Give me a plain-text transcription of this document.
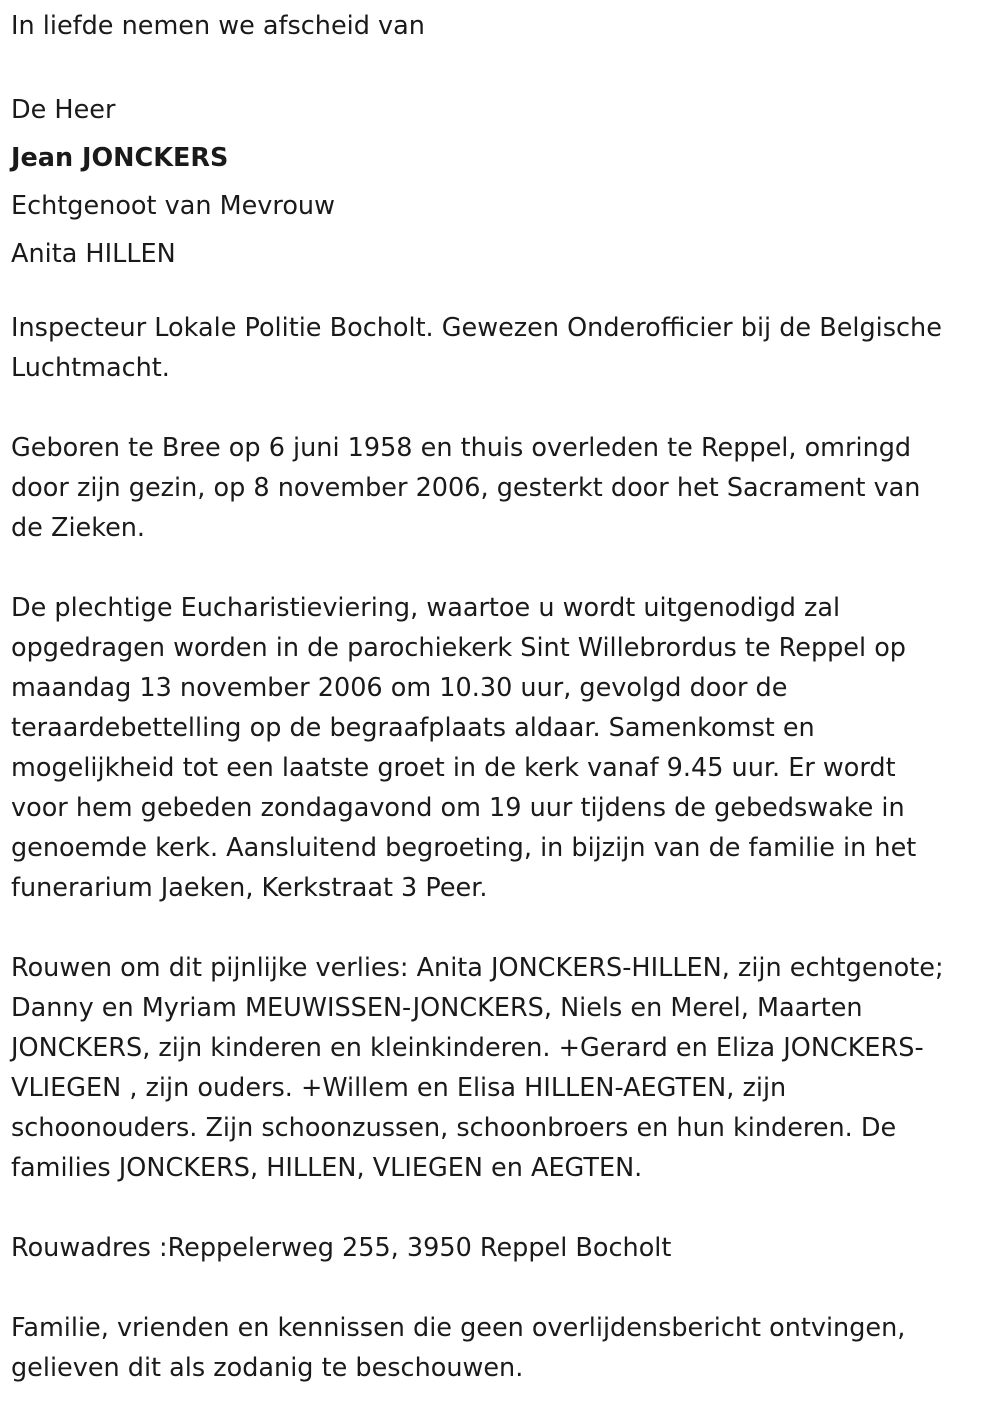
In liefde nemen we afscheid van

De Heer

Jean JONCKERS

Echtgenoot van Mevrouw

Anita HILLEN

Inspecteur Lokale Politie Bocholt. Gewezen Onderofficier bij de Belgische

Luchtmacht.

Geboren te Bree op 6 juni 1958 en thuis overleden te Reppel, omringd

door zijn gezin, op 8 november 2006, gesterkt door het Sacrament van

de Zieken.

De plechtige Eucharistieviering, waartoe u wordt uitgenodigd zal

opgedragen worden in de parochiekerk Sint Willebrordus te Reppel op

maandag 13 november 2006 om 10.30 uur, gevolgd door de

teraardebettelling op de begraafplaats aldaar. Samenkomst en

mogelijkheid tot een laatste groet in de kerk vanaf 9.45 uur. Er wordt

voor hem gebeden zondagavond om 19 uur tijdens de gebedswake in

genoemde kerk. Aansluitend begroeting, in bijzijn van de familie in het

funerarium Jaeken, Kerkstraat 3 Peer.

Rouwen om dit pijnlijke verlies: Anita JONCKERS-HILLEN, zijn echtgenote;

Danny en Myriam MEUWISSEN-JONCKERS, Niels en Merel, Maarten

JONCKERS, zijn kinderen en kleinkinderen. +Gerard en Eliza JONCKERS-

VLIEGEN , zijn ouders. +Willem en Elisa HILLEN-AEGTEN, zijn

schoonouders. Zijn schoonzussen, schoonbroers en hun kinderen. De

families JONCKERS, HILLEN, VLIEGEN en AEGTEN.

Rouwadres :Reppelerweg 255, 3950 Reppel Bocholt

Familie, vrienden en kennissen die geen overlijdensbericht ontvingen,

gelieven dit als zodanig te beschouwen.
